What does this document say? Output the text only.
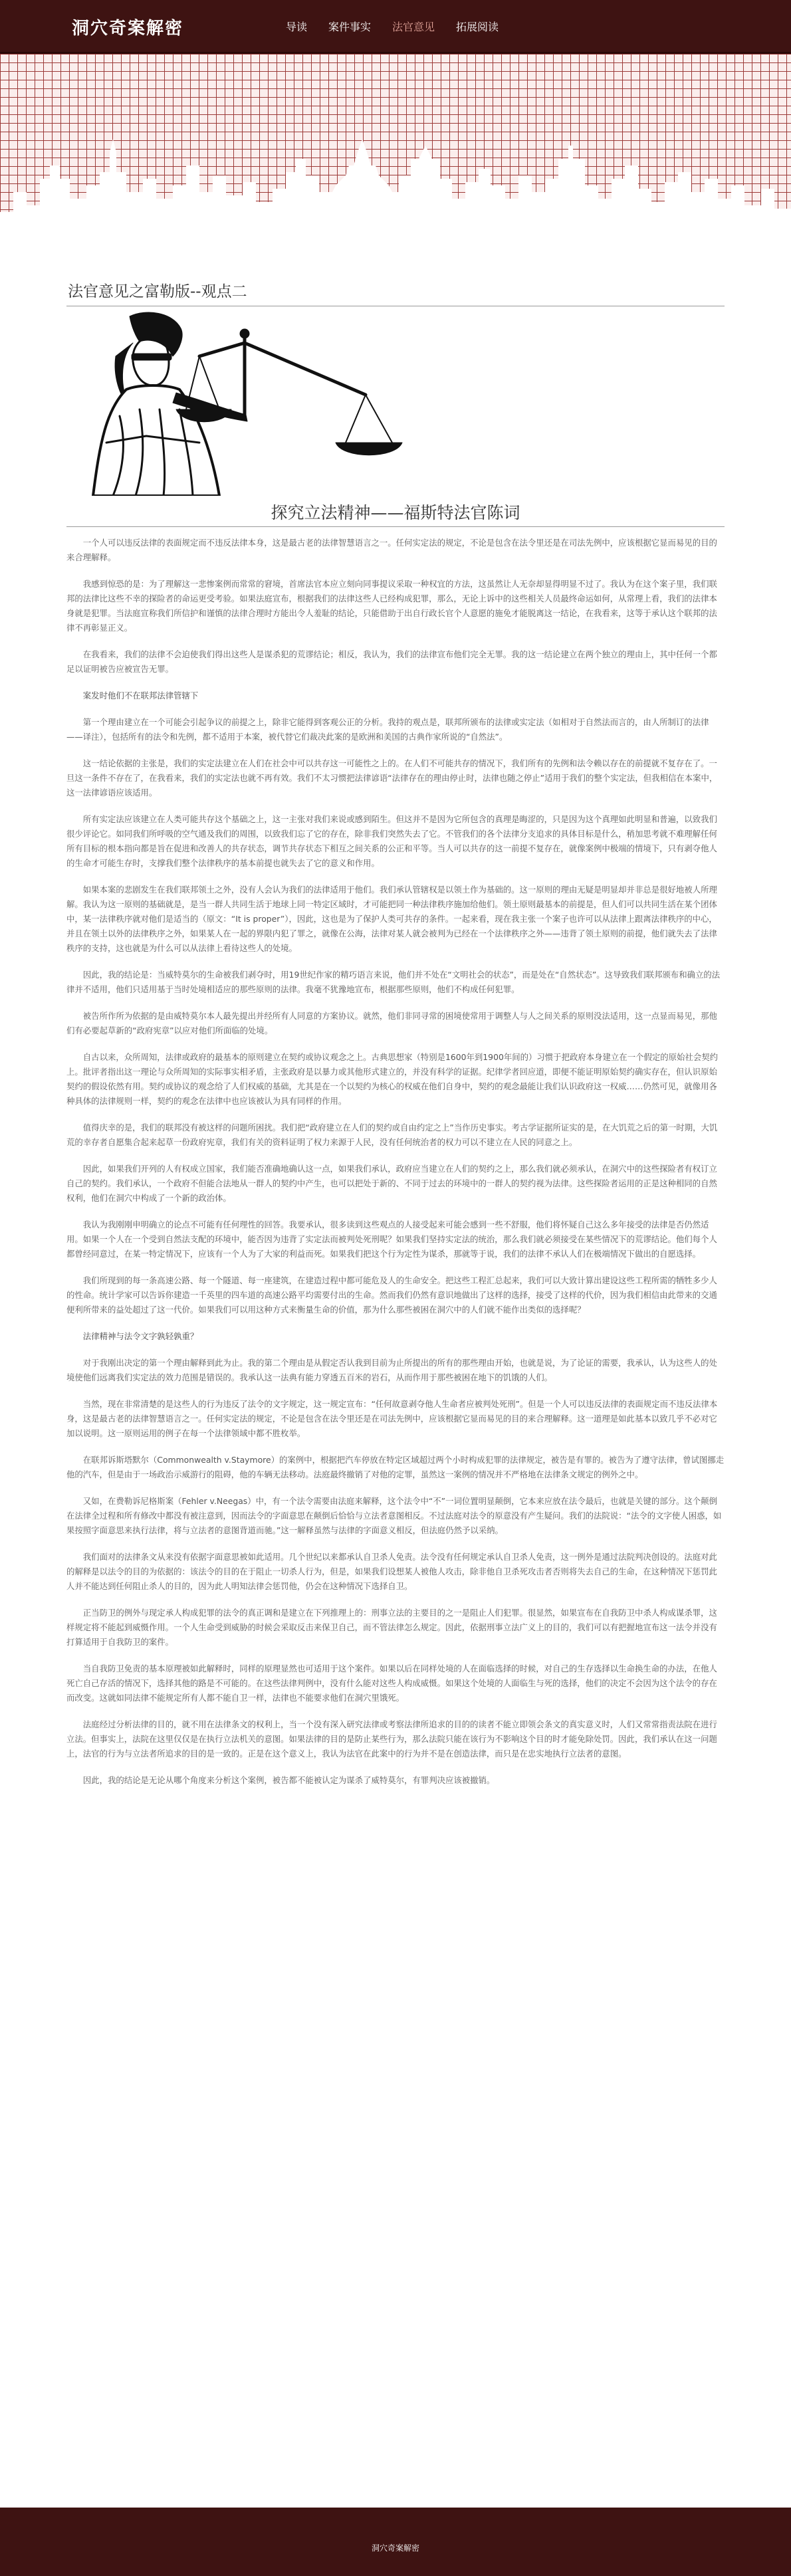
洞穴奇案解密	导读 案件事实 法官意见 拓展阅读
法官意见之富勒版--观点二
探究立法精神——福斯特法官陈词

一个人可以违反法律的表面规定而不违反法律本身，这是最古老的法律智慧语言之一。任何实定法的规定，不论是包含在法令里还是在司法先例中，应该根据它显而易见的目的来合理解释。

我感到惊恐的是：为了理解这一悲惨案例而常常的窘境，首席法官本应立刻向同事提议采取一种权宜的方法，这虽然让人无奈却显得明显不过了。我认为在这个案子里，我们联邦的法律比这些不幸的探险者的命运更受考验。如果法庭宣布，根据我们的法律这些人已经构成犯罪，那么，无论上诉中的这些相关人员最终命运如何，从常理上看，我们的法律本身就是犯罪。当法庭宣称我们所信护和谨慎的法律合理时方能出令人羞耻的结论，只能借助于出自行政长官个人意愿的施免才能脱离这一结论，在我看来，这等于承认这个联邦的法律不再彰显正义。

在我看来，我们的法律不会迫使我们得出这些人是谋杀犯的荒谬结论；相反，我认为，我们的法律宣布他们完全无罪。我的这一结论建立在两个独立的理由上，其中任何一个都足以证明被告应被宣告无罪。

案发时他们不在联邦法律管辖下

第一个理由建立在一个可能会引起争议的前提之上，除非它能得到客观公正的分析。我持的观点是，联邦所颁布的法律或实定法（如相对于自然法而言的，由人所制订的法律——译注），包括所有的法令和先例，都不适用于本案，被代替它们裁决此案的是欧洲和美国的古典作家所说的“自然法”。

这一结论依据的主张是，我们的实定法建立在人们在社会中可以共存这一可能性之上的。在人们不可能共存的情况下，我们所有的先例和法令赖以存在的前提就不复存在了。一旦这一条件不存在了，在我看来，我们的实定法也就不再有效。我们不太习惯把法律谚语“法律存在的理由停止时，法律也随之停止”适用于我们的整个实定法，但我相信在本案中，这一法律谚语应该适用。

所有实定法应该建立在人类可能共存这个基础之上，这一主张对我们来说或感到陌生。但这并不是因为它所包含的真理是晦涩的，只是因为这个真理如此明显和普遍，以致我们很少评论它。如同我们所呼吸的空气通及我们的周围，以致我们忘了它的存在，除非我们突然失去了它。不管我们的各个法律分支追求的具体目标是什么，稍加思考就不难理解任何所有目标的根本指向都是旨在促进和改善人的共存状态，调节共存状态下相互之间关系的公正和平等。当人可以共存的这一前提不复存在，就像案例中极端的情境下，只有剥夺他人的生命才可能生存时，支撑我们整个法律秩序的基本前提也就失去了它的意义和作用。

如果本案的悲剧发生在我们联邦领土之外，没有人会认为我们的法律适用于他们。我们承认管辖权是以领土作为基础的。这一原则的理由无疑是明显却并非总是很好地被人所理解。我认为这一原则的基础就是，是当一群人共同生活于地球上同一特定区域时，才可能把同一种法律秩序施加给他们。领土原则最基本的前提是，但人们可以共同生活在某个团体中，某一法律秩序就对他们是适当的（原文：“It is proper”），因此，这也是为了保护人类可共存的条件。一起来看，现在我主张一个案子也许可以从法律上跟离法律秩序的中心，并且在领土以外的法律秩序之外，如果某人在一起的界限内犯了罪之，就像在公海，法律对某人就会被判为已经在一个法律秩序之外——违背了领土原则的前提，他们就失去了法律秩序的支持，这也就是为什么可以从法律上看待这些人的处境。

因此，我的结论是：当威特莫尔的生命被我们剥夺时，用19世纪作家的精巧语言来说，他们并不处在“文明社会的状态”，而是处在“自然状态”。这导致我们联邦颁布和确立的法律并不适用，他们只适用基于当时处境相适应的那些原则的法律。我毫不犹豫地宣布，根据那些原则，他们不构成任何犯罪。

被告所作所为依据的是由威特莫尔本人最先提出并经所有人同意的方案协议。就然，他们非同寻常的困境使常用于调整人与人之间关系的原则没法适用，这一点显而易见，那他们有必要起草新的“政府宪章”以应对他们所面临的处境。

自古以来，众所周知，法律或政府的最基本的原则建立在契约或协议观念之上。古典思想家（特别是1600年到1900年间的）习惯于把政府本身建立在一个假定的原始社会契约上。批评者指出这一理论与众所周知的实际事实相矛盾，主张政府是以暴力或其他形式建立的，并没有科学的证据。纪律学者回应道，即便不能证明原始契约确实存在，但认识原始契约的假设依然有用。契约或协议的观念给了人们权威的基础，尤其是在一个以契约为核心的权威在他们自身中，契约的观念最能让我们认识政府这一权威……仍然可见，就像用各种具体的法律规则一样，契约的观念在法律中也应该被认为具有同样的作用。

值得庆幸的是，我们的联邦没有被这样的问题所困扰。我们把“政府建立在人们的契约或自由约定之上”当作历史事实。考古学证据所证实的是，在大饥荒之后的第一时期，大饥荒的幸存者自愿集合起来起草一份政府宪章，我们有关的资料证明了权力来源于人民，没有任何统治者的权力可以不建立在人民的同意之上。

因此，如果我们开列的人有权成立国家，我们能否准确地确认这一点，如果我们承认，政府应当建立在人们的契约之上，那么我们就必须承认，在洞穴中的这些探险者有权订立自己的契约。我们承认，一个政府不但能合法地从一群人的契约中产生，也可以把处于新的、不同于过去的环境中的一群人的契约视为法律。这些探险者运用的正是这种相同的自然权利，他们在洞穴中构成了一个新的政治体。

我认为我刚刚申明确立的论点不可能有任何理性的回答。我要承认，很多读到这些观点的人接受起来可能会感到一些不舒服，他们将怀疑自己这么多年接受的法律是否仍然适用。如果一个人在一个受到自然法支配的环境中，能否因为违背了实定法而被判处死刑呢？如果我们坚持实定法的统治，那么我们就必须接受在某些情况下的荒谬结论。他们每个人都曾经同意过，在某一特定情况下，应该有一个人为了大家的利益而死。如果我们把这个行为定性为谋杀，那就等于说，我们的法律不承认人们在极端情况下做出的自愿选择。

我们所现到的每一条高速公路、每一个隧道、每一座建筑，在建造过程中都可能危及人的生命安全。把这些工程汇总起来，我们可以大致计算出建设这些工程所需的牺牲多少人的性命。统计学家可以告诉你建造一千英里的四车道的高速公路平均需要付出的生命。然而我们仍然有意识地做出了这样的选择，接受了这样的代价，因为我们相信由此带来的交通便利所带来的益处超过了这一代价。如果我们可以用这种方式来衡量生命的价值，那为什么那些被困在洞穴中的人们就不能作出类似的选择呢？

法律精神与法令文字孰轻孰重？

对于我刚出决定的第一个理由解释到此为止。我的第二个理由是从假定否认我到目前为止所提出的所有的那些理由开始，也就是说，为了论证的需要，我承认，认为这些人的处境使他们远离我们实定法的效力范围是错误的。我承认这一法典有能力穿透五百米的岩石，从而作用于那些被困在地下的饥饿的人们。

当然，现在非常清楚的是这些人的行为违反了法令的文字规定，这一规定宣布：“任何故意剥夺他人生命者应被判处死刑”。但是一个人可以违反法律的表面规定而不违反法律本身，这是最古老的法律智慧语言之一。任何实定法的规定，不论是包含在法令里还是在司法先例中，应该根据它显而易见的目的来合理解释。这一道理是如此基本以致几乎不必对它加以说明。这一原则运用的例子在每一个法律领域中都不胜枚举。

在联邦诉斯塔默尔（Commonwealth v.Staymore）的案例中，根据把汽车停放在特定区域超过两个小时构成犯罪的法律规定，被告是有罪的。被告为了遵守法律，曾试图挪走他的汽车，但是由于一场政治示威游行的阻碍，他的车辆无法移动。法庭最终撤销了对他的定罪，虽然这一案例的情况并不严格地在法律条文规定的例外之中。

又如，在费勒诉尼格斯案（Fehler v.Neegas）中，有一个法令需要由法庭来解释，这个法令中“不”一词位置明显颠倒，它本来应放在法令最后，也就是关键的部分。这个颠倒在法律全过程和所有修改中都没有被注意到，因而法令的字面意思在颠倒后恰恰与立法者意图相反。不过法庭对法令的原意没有产生疑问。我们的法院说：“法令的文字使人困惑，如果按照字面意思来执行法律，将与立法者的意图背道而驰。”这一解释虽然与法律的字面意义相反，但法庭仍然予以采纳。

我们面对的法律条文从来没有依据字面意思被如此适用。几个世纪以来都承认自卫杀人免责。法令没有任何规定承认自卫杀人免责，这一例外是通过法院判决创设的。法庭对此的解释是以法令的目的为依据的：该法令的目的在于阻止一切杀人行为，但是，如果我们设想某人被他人攻击，除非他自卫杀死攻击者否则将失去自己的生命，在这种情况下惩罚此人并不能达到任何阻止杀人的目的，因为此人明知法律会惩罚他，仍会在这种情况下选择自卫。

正当防卫的例外与现定承人构成犯罪的法令的真正调和是建立在下列推理上的：刑事立法的主要目的之一是阻止人们犯罪。很显然，如果宣布在自我防卫中杀人构成谋杀罪，这样规定将不能起到威慑作用。一个人生命受到威胁的时候会采取反击来保卫自己，而不管法律怎么规定。因此，依据刑事立法广义上的目的，我们可以有把握地宣布这一法令并没有打算适用于自我防卫的案件。

当自我防卫免责的基本原理被如此解释时，同样的原理显然也可适用于这个案件。如果以后在同样处境的人在面临选择的时候，对自己的生存选择以生命换生命的办法，在他人死亡自己存活的情况下，选择其他的路是不可能的。在这些法律判例中，没有什么能对这些人构成威慑。如果这个处境的人面临生与死的选择，他们的决定不会因为这个法令的存在而改变。这就如同法律不能规定所有人都不能自卫一样，法律也不能要求他们在洞穴里饿死。

法庭经过分析法律的目的，就不用在法律条文的权利上，当一个没有深入研究法律或考察法律所追求的目的的读者不能立即领会条文的真实意义时，人们又常常指责法院在进行立法。但事实上，法院在这里仅仅是在执行立法机关的意图。如果法律的目的是防止某些行为，那么法院只能在该行为不影响这个目的时才能免除处罚。因此，我们承认在这一问题上，法官的行为与立法者所追求的目的是一致的。正是在这个意义上，我认为法官在此案中的行为并不是在创造法律，而只是在忠实地执行立法者的意图。

因此，我的结论是无论从哪个角度来分析这个案例，被告都不能被认定为谋杀了威特莫尔，有罪判决应该被撤销。

洞穴奇案解密
